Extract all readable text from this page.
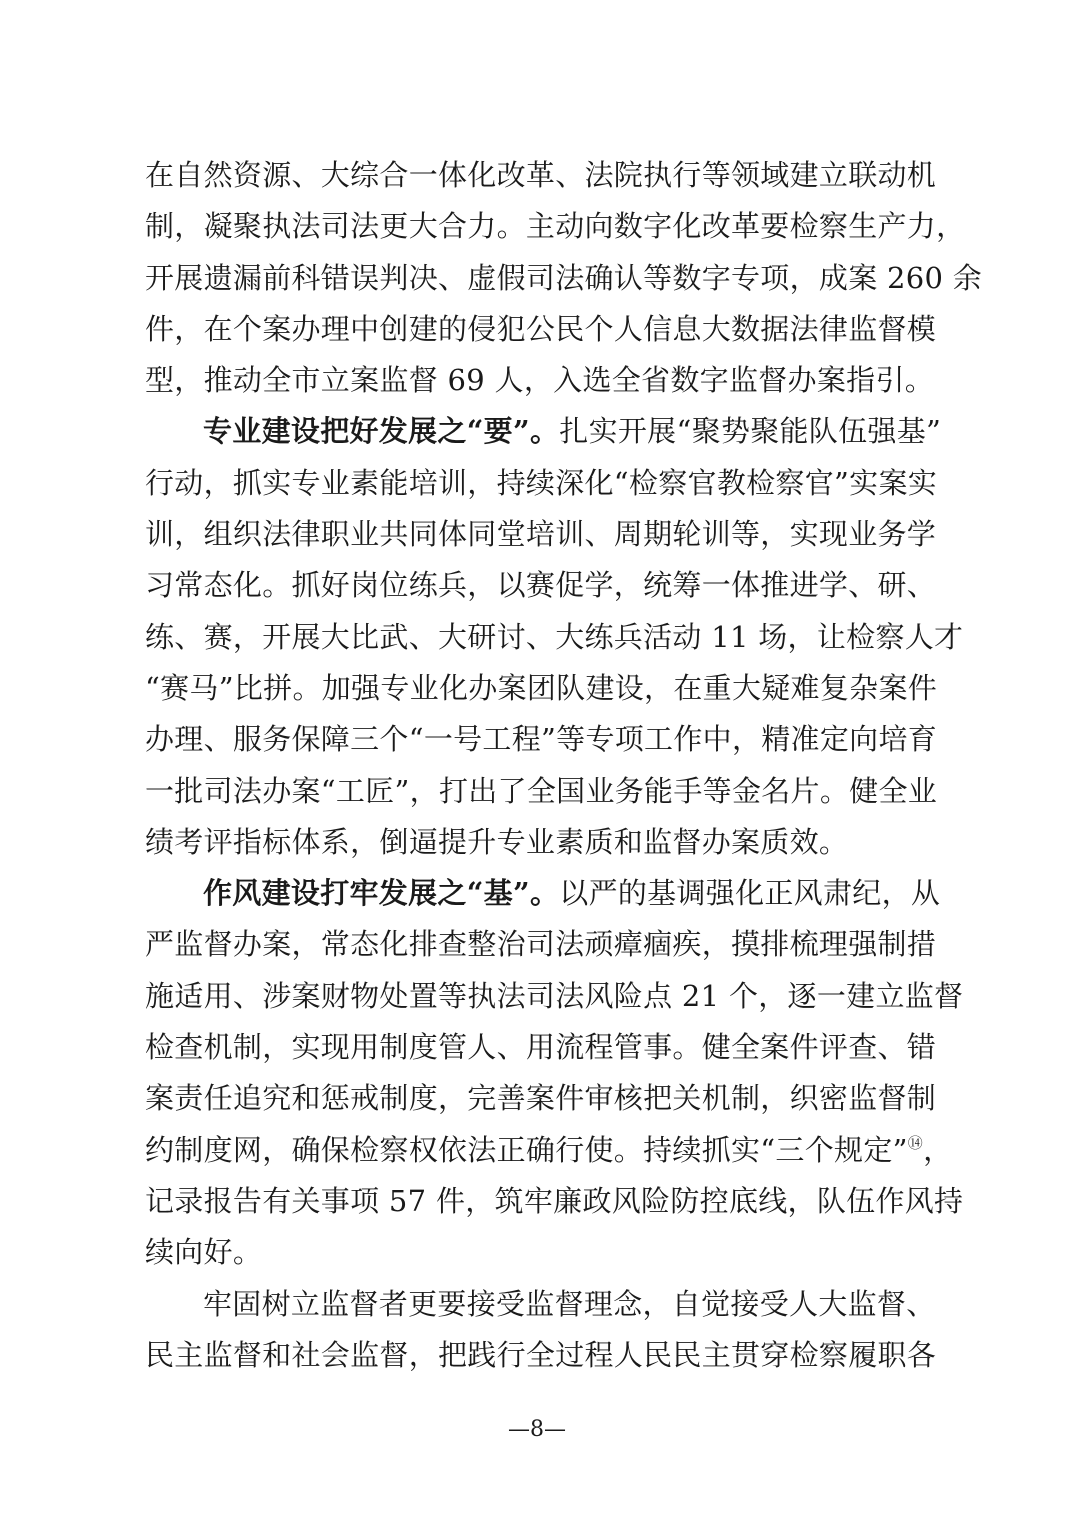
在自然资源、大综合一体化改革、法院执行等领域建立联动机
制，凝聚执法司法更大合力。主动向数字化改革要检察生产力，
开展遗漏前科错误判决、虚假司法确认等数字专项，成案 260 余
件，在个案办理中创建的侵犯公民个人信息大数据法律监督模
型，推动全市立案监督 69 人，入选全省数字监督办案指引。
专业建设把好发展之“要”。扎实开展“聚势聚能队伍强基”
行动，抓实专业素能培训，持续深化“检察官教检察官”实案实
训，组织法律职业共同体同堂培训、周期轮训等，实现业务学
习常态化。抓好岗位练兵，以赛促学，统筹一体推进学、研、
练、赛，开展大比武、大研讨、大练兵活动 11 场，让检察人才
“赛马”比拼。加强专业化办案团队建设，在重大疑难复杂案件
办理、服务保障三个“一号工程”等专项工作中，精准定向培育
一批司法办案“工匠”，打出了全国业务能手等金名片。健全业
绩考评指标体系，倒逼提升专业素质和监督办案质效。
作风建设打牢发展之“基”。以严的基调强化正风肃纪，从
严监督办案，常态化排查整治司法顽瘴痼疾，摸排梳理强制措
施适用、涉案财物处置等执法司法风险点 21 个，逐一建立监督
检查机制，实现用制度管人、用流程管事。健全案件评查、错
案责任追究和惩戒制度，完善案件审核把关机制，织密监督制
约制度网，确保检察权依法正确行使。持续抓实“三个规定”⑭，
记录报告有关事项 57 件，筑牢廉政风险防控底线，队伍作风持
续向好。
牢固树立监督者更要接受监督理念，自觉接受人大监督、
民主监督和社会监督，把践行全过程人民民主贯穿检察履职各
—8—
